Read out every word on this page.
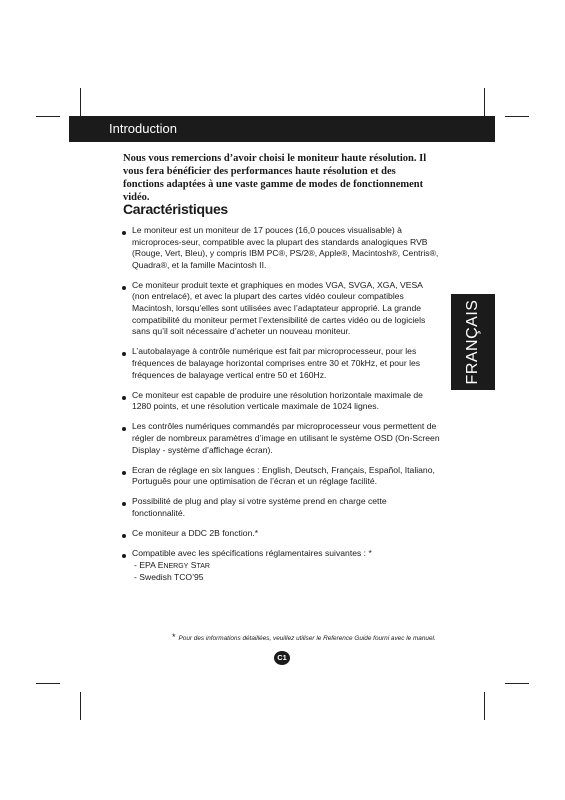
Introduction
FRANÇAIS

Nous vous remercions d’avoir choisi le moniteur haute résolution. Il vous fera bénéficier des performances haute résolution et des fonctions adaptées à une vaste gamme de modes de fonctionnement vidéo.

Caractéristiques
Le moniteur est un moniteur de 17 pouces (16,0 pouces visualisable) à microproces-seur, compatible avec la plupart des standards analogiques RVB (Rouge, Vert, Bleu), y compris IBM PC®, PS/2®, Apple®, Macintosh®, Centris®, Quadra®, et la famille Macintosh II.
Ce moniteur produit texte et graphiques en modes VGA, SVGA, XGA, VESA (non entrelacé), et avec la plupart des cartes vidéo couleur compatibles Macintosh, lorsqu’elles sont utilisées avec l’adaptateur approprié. La grande compatibilité du moniteur permet l’extensibilité de cartes vidéo ou de logiciels sans qu’il soit nécessaire d’acheter un nouveau moniteur.
L’autobalayage à contrôle numérique est fait par microprocesseur, pour les fréquences de balayage horizontal comprises entre 30 et 70kHz, et pour les fréquences de balayage vertical entre 50 et 160Hz.
Ce moniteur est capable de produire une résolution horizontale maximale de 1280 points, et une résolution verticale maximale de 1024 lignes.
Les contrôles numériques commandés par microprocesseur vous permettent de régler de nombreux paramètres d’image en utilisant le système OSD (On-Screen Display - système d’affichage écran).
Ecran de réglage en six langues : English, Deutsch, Français, Español, Italiano, Português pour une optimisation de l’écran et un réglage facilité.
Possibilité de plug and play si votre système prend en charge cette fonctionnalité.
Ce moniteur a DDC 2B fonction.*
Compatible avec les spécifications réglamentaires suivantes : *
- EPA ENERGY STAR
- Swedish TCO’95

* Pour des informations détaillées, veuillez utiliser le Reference Guide fourni avec le manuel.

C1
